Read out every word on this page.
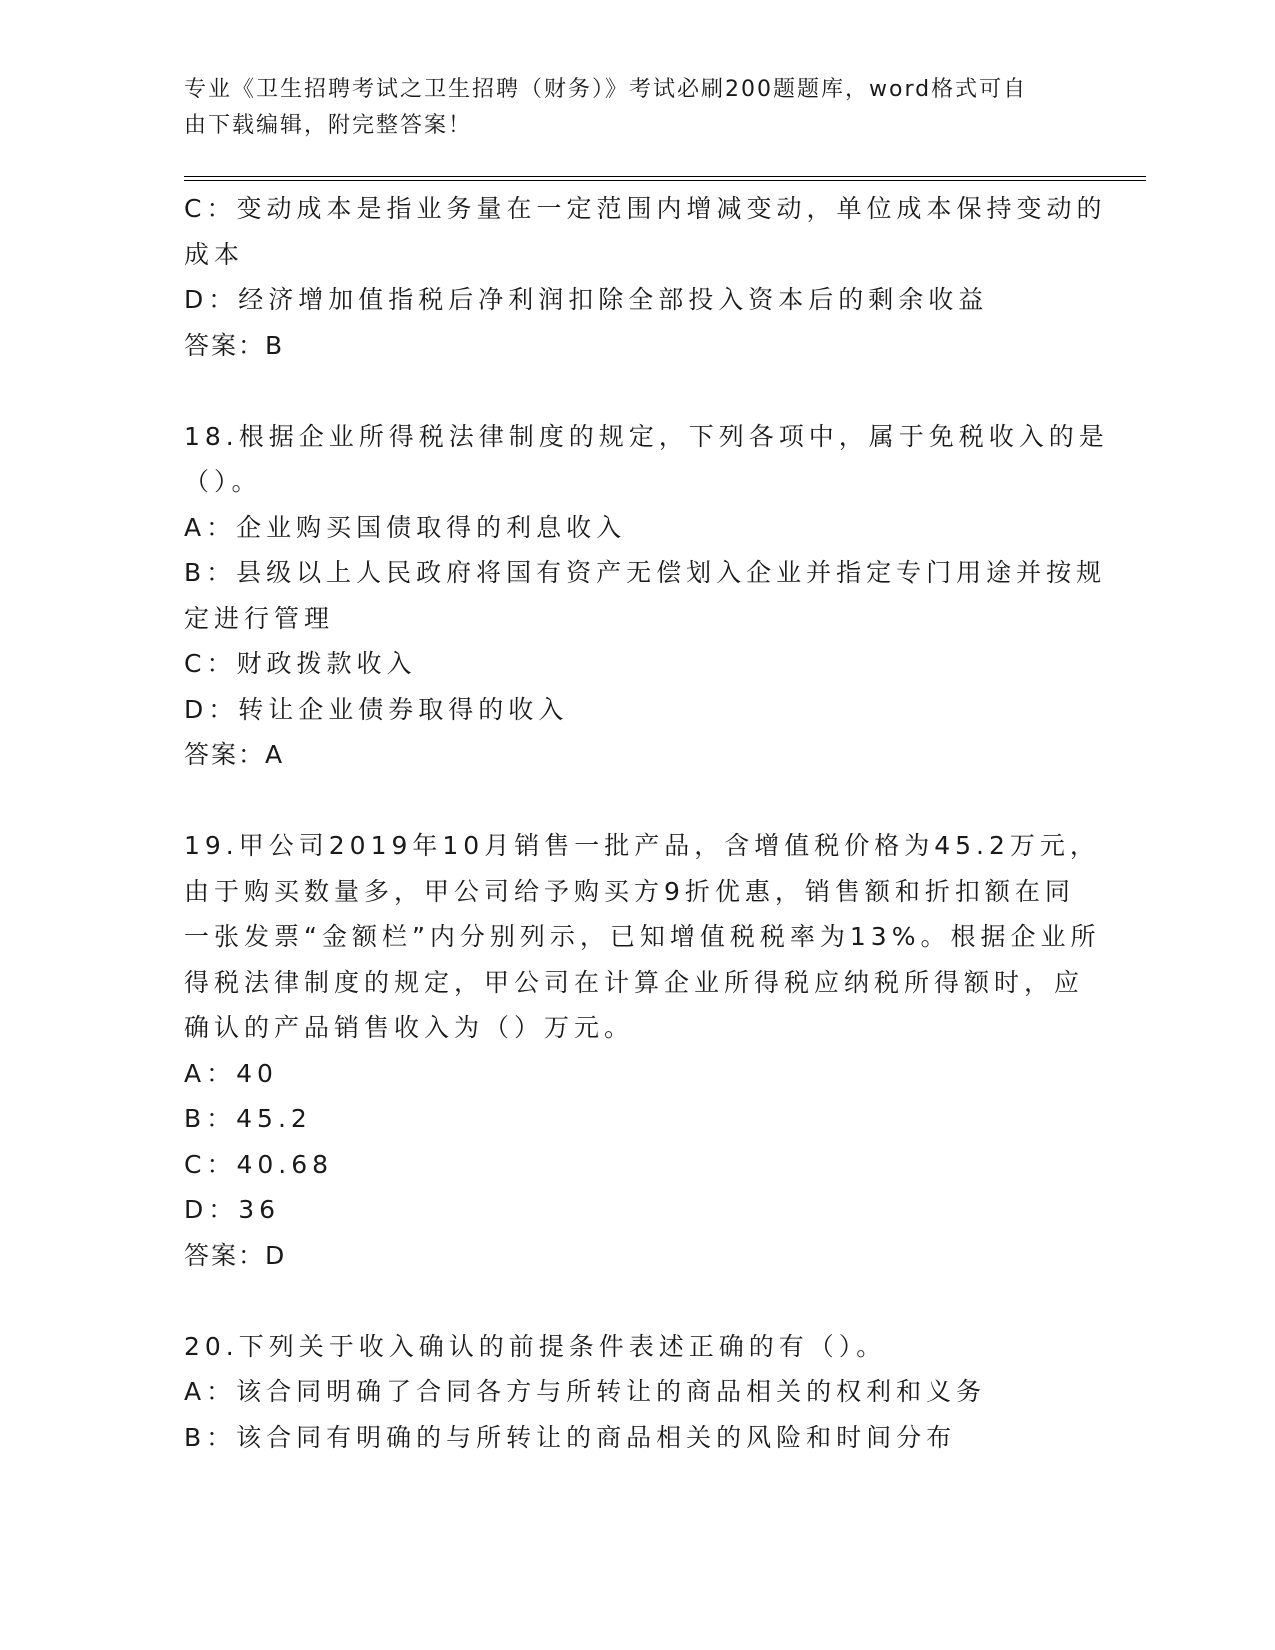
专业《卫生招聘考试之卫生招聘（财务）》考试必刷200题题库，word格式可自
由下载编辑，附完整答案！
C：变动成本是指业务量在一定范围内增减变动，单位成本保持变动的
成本
D：经济增加值指税后净利润扣除全部投入资本后的剩余收益
答案：B
18.根据企业所得税法律制度的规定，下列各项中，属于免税收入的是
（）。
A：企业购买国债取得的利息收入
B：县级以上人民政府将国有资产无偿划入企业并指定专门用途并按规
定进行管理
C：财政拨款收入
D：转让企业债券取得的收入
答案：A
19.甲公司2019年10月销售一批产品，含增值税价格为45.2万元，
由于购买数量多，甲公司给予购买方9折优惠，销售额和折扣额在同
一张发票“金额栏”内分别列示，已知增值税税率为13%。根据企业所
得税法律制度的规定，甲公司在计算企业所得税应纳税所得额时，应
确认的产品销售收入为（）万元。
A：40
B：45.2
C：40.68
D：36
答案：D
20.下列关于收入确认的前提条件表述正确的有（）。
A：该合同明确了合同各方与所转让的商品相关的权利和义务
B：该合同有明确的与所转让的商品相关的风险和时间分布
